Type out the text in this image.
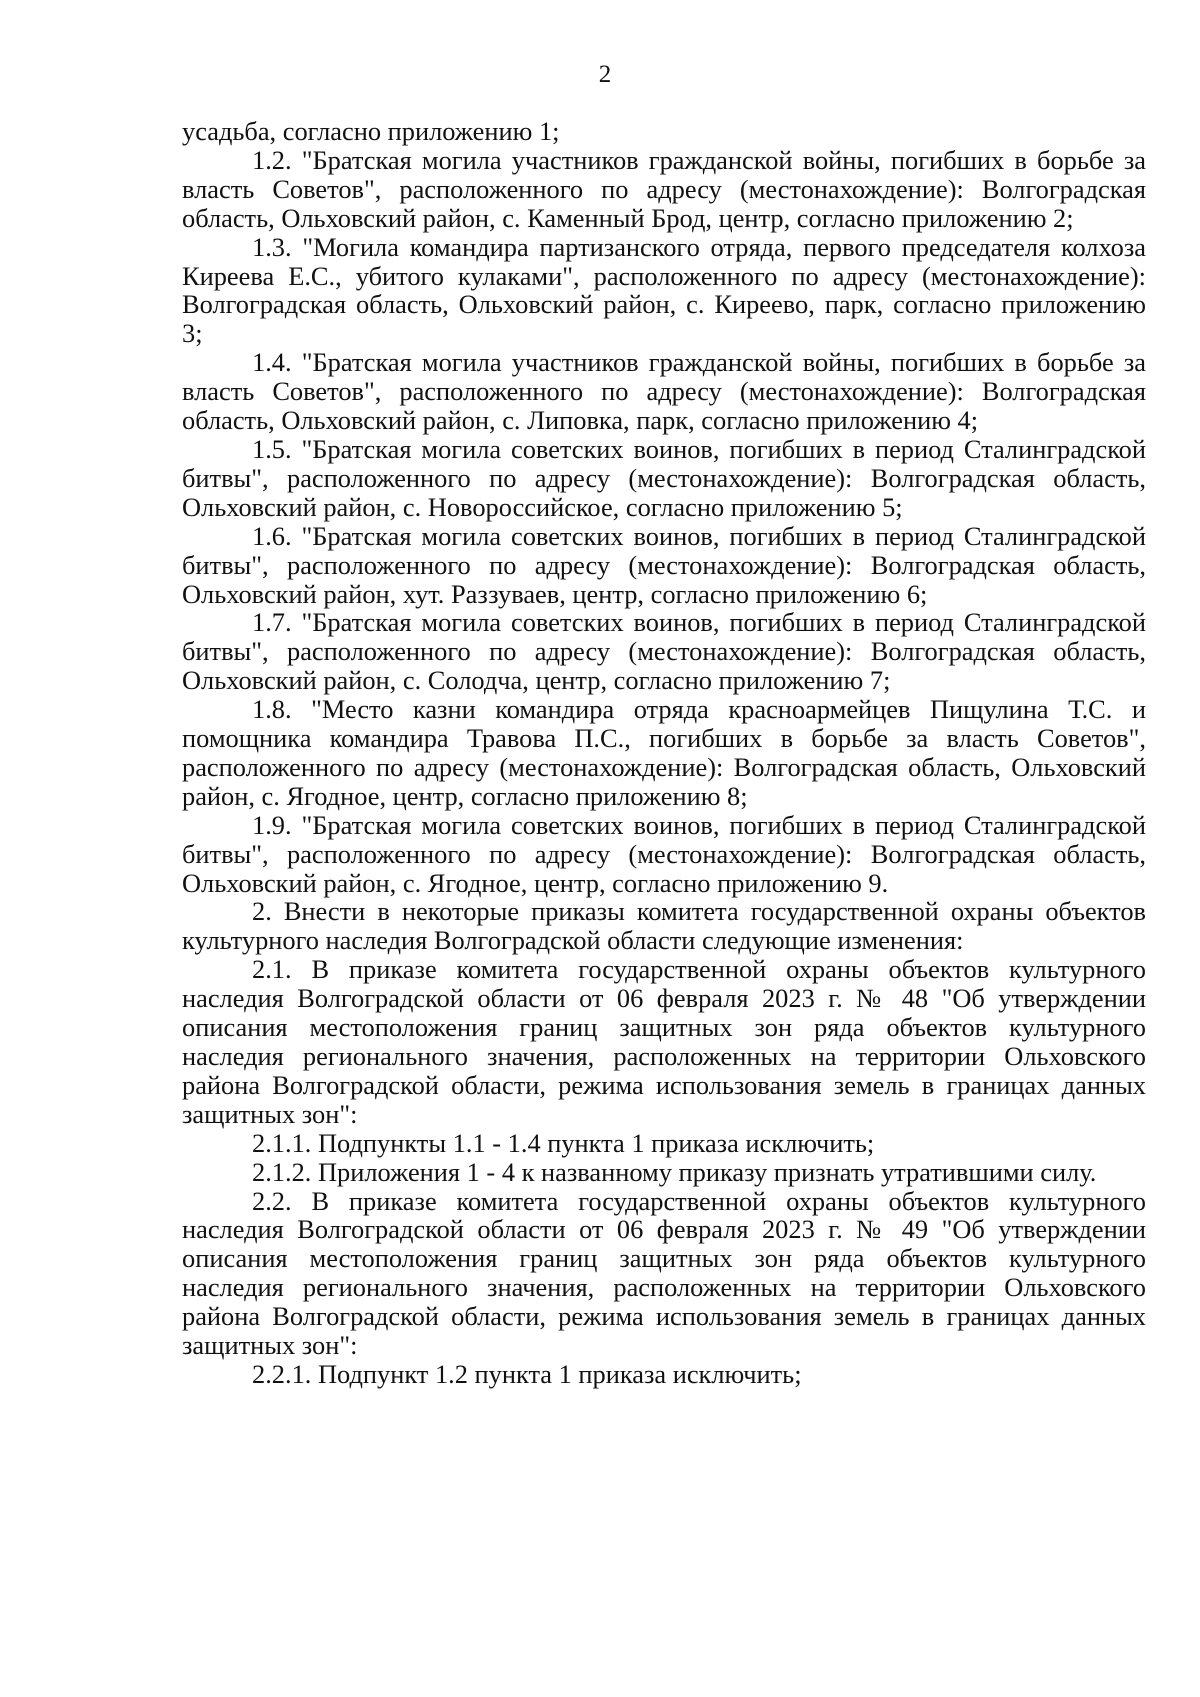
2

усадьба, согласно приложению 1;

1.2. "Братская могила участников гражданской войны, погибших в борьбе за власть Советов", расположенного по адресу (местонахождение): Волгоградская область, Ольховский район, с. Каменный Брод, центр, согласно приложению 2;

1.3. "Могила командира партизанского отряда, первого председателя колхоза Киреева Е.С., убитого кулаками", расположенного по адресу (местонахождение): Волгоградская область, Ольховский район, с. Киреево, парк, согласно приложению 3;

1.4. "Братская могила участников гражданской войны, погибших в борьбе за власть Советов", расположенного по адресу (местонахождение): Волгоградская область, Ольховский район, с. Липовка, парк, согласно приложению 4;

1.5. "Братская могила советских воинов, погибших в период Сталинградской битвы", расположенного по адресу (местонахождение): Волгоградская область, Ольховский район, с. Новороссийское, согласно приложению 5;

1.6. "Братская могила советских воинов, погибших в период Сталинградской битвы", расположенного по адресу (местонахождение): Волгоградская область, Ольховский район, хут. Раззуваев, центр, согласно приложению 6;

1.7. "Братская могила советских воинов, погибших в период Сталинградской битвы", расположенного по адресу (местонахождение): Волгоградская область, Ольховский район, с. Солодча, центр, согласно приложению 7;

1.8. "Место казни командира отряда красноармейцев Пищулина Т.С. и помощника командира Травова П.С., погибших в борьбе за власть Советов", расположенного по адресу (местонахождение): Волгоградская область, Ольховский район, с. Ягодное, центр, согласно приложению 8;

1.9. "Братская могила советских воинов, погибших в период Сталинградской битвы", расположенного по адресу (местонахождение): Волгоградская область, Ольховский район, с. Ягодное, центр, согласно приложению 9.

2. Внести в некоторые приказы комитета государственной охраны объектов культурного наследия Волгоградской области следующие изменения:

2.1. В приказе комитета государственной охраны объектов культурного наследия Волгоградской области от 06 февраля 2023 г. № 48 "Об утверждении описания местоположения границ защитных зон ряда объектов культурного наследия регионального значения, расположенных на территории Ольховского района Волгоградской области, режима использования земель в границах данных защитных зон":

2.1.1. Подпункты 1.1 - 1.4 пункта 1 приказа исключить;

2.1.2. Приложения 1 - 4 к названному приказу признать утратившими силу.

2.2. В приказе комитета государственной охраны объектов культурного наследия Волгоградской области от 06 февраля 2023 г. № 49 "Об утверждении описания местоположения границ защитных зон ряда объектов культурного наследия регионального значения, расположенных на территории Ольховского района Волгоградской области, режима использования земель в границах данных защитных зон":

2.2.1. Подпункт 1.2 пункта 1 приказа исключить;
